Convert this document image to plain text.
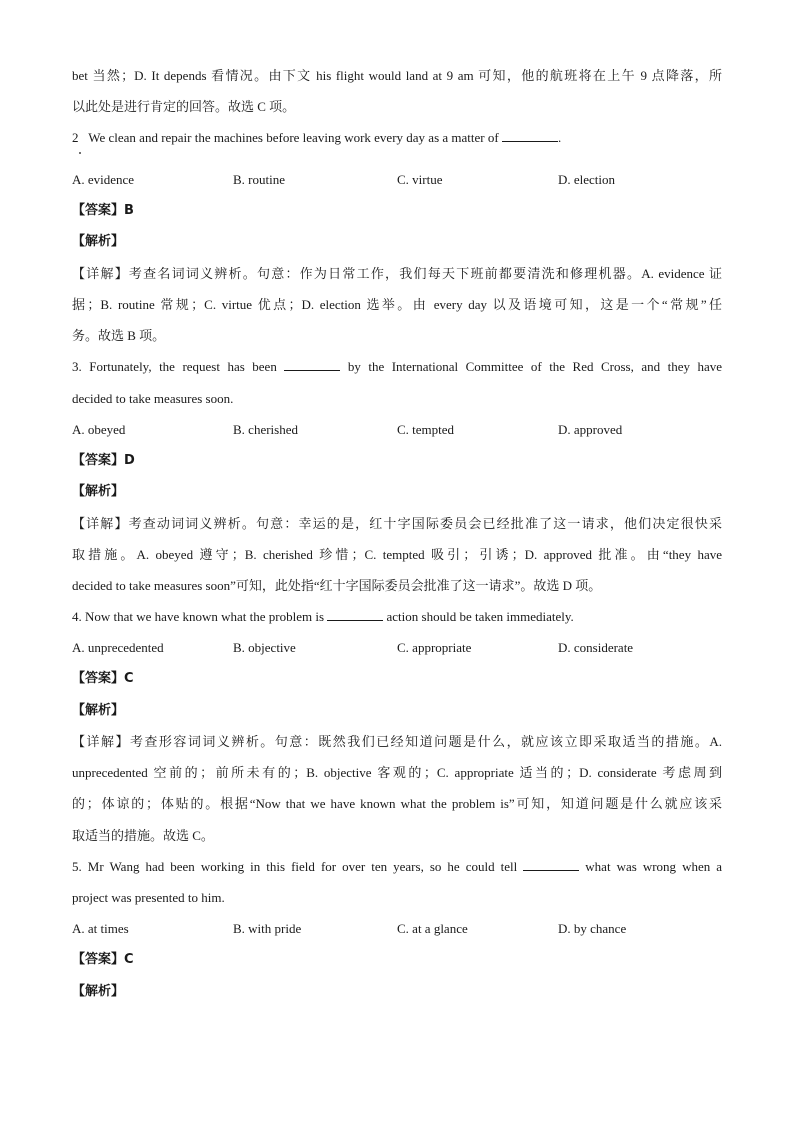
bet 当然；D. It depends 看情况。由下文 his flight would land at 9 am 可知，他的航班将在上午 9 点降落，所
以此处是进行肯定的回答。故选 C 项。
2 We clean and repair the machines before leaving work every day as a matter of	.
A. evidence	B. routine	C. virtue	D. election
【答案】B
【解析】
【详解】考查名词词义辨析。句意：作为日常工作，我们每天下班前都要清洗和修理机器。A. evidence 证
据；B. routine 常规；C. virtue 优点；D. election 选举。由 every day 以及语境可知，这是一个“常规”任
务。故选 B 项。
3. Fortunately, the request has been	by the International Committee of the Red Cross, and they have
decided to take measures soon.
A. obeyed	B. cherished	C. tempted	D. approved
【答案】D
【解析】
【详解】考查动词词义辨析。句意：幸运的是，红十字国际委员会已经批准了这一请求，他们决定很快采
取措施。A. obeyed 遵守；B. cherished 珍惜；C. tempted 吸引；引诱；D. approved 批准。由“they have
decided to take measures soon”可知，此处指“红十字国际委员会批准了这一请求”。故选 D 项。
4. Now that we have known what the problem is	action should be taken immediately.
A. unprecedented	B. objective	C. appropriate	D. considerate
【答案】C
【解析】
【详解】考查形容词词义辨析。句意：既然我们已经知道问题是什么，就应该立即采取适当的措施。A.
unprecedented 空前的；前所未有的；B. objective 客观的；C. appropriate 适当的；D. considerate 考虑周到
的；体谅的；体贴的。根据“Now that we have known what the problem is”可知，知道问题是什么就应该采
取适当的措施。故选 C。
5. Mr Wang had been working in this field for over ten years, so he could tell	what was wrong when a
project was presented to him.
A. at times	B. with pride	C. at a glance	D. by chance
【答案】C
【解析】
